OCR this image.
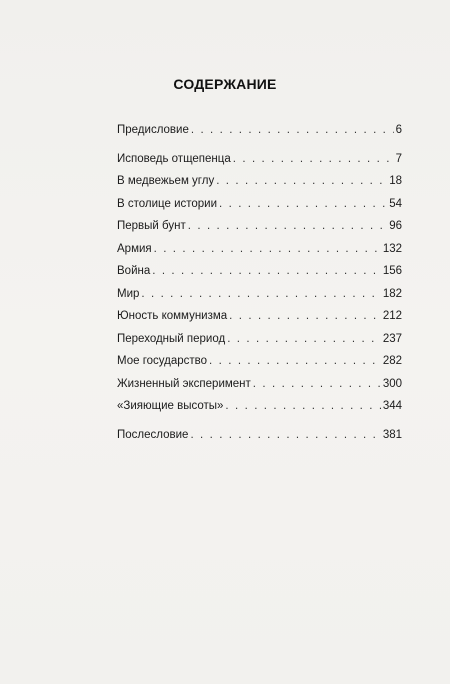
СОДЕРЖАНИЕ
Предисловие . . .	6
Исповедь отщепенца . . .	7
В медвежьем углу . . .	18
В столице истории . . .	54
Первый бунт . . .	96
Армия . . .	132
Война . . .	156
Мир . . .	182
Юность коммунизма . . .	212
Переходный период . . .	237
Мое государство . . .	282
Жизненный эксперимент . . .	300
«Зияющие высоты» . . .	344
Послесловие . . .	381
